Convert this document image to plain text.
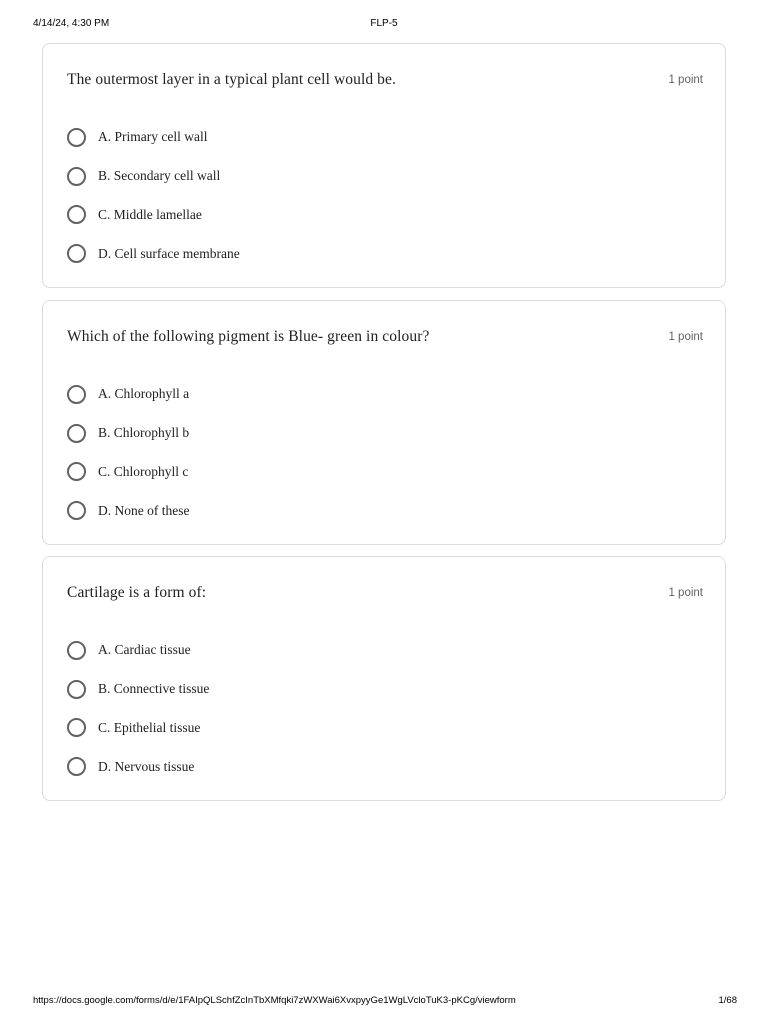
4/14/24, 4:30 PM	FLP-5
The outermost layer in a typical plant cell would be.	1 point
A. Primary cell wall
B. Secondary cell wall
C. Middle lamellae
D. Cell surface membrane
Which of the following pigment is Blue- green in colour?	1 point
A. Chlorophyll a
B. Chlorophyll b
C. Chlorophyll c
D. None of these
Cartilage is a form of:	1 point
A. Cardiac tissue
B. Connective tissue
C. Epithelial tissue
D. Nervous tissue
https://docs.google.com/forms/d/e/1FAIpQLSchfZcInTbXMfqki7zWXWai6XvxpyyGe1WgLVcloTuK3-pKCg/viewform	1/68
